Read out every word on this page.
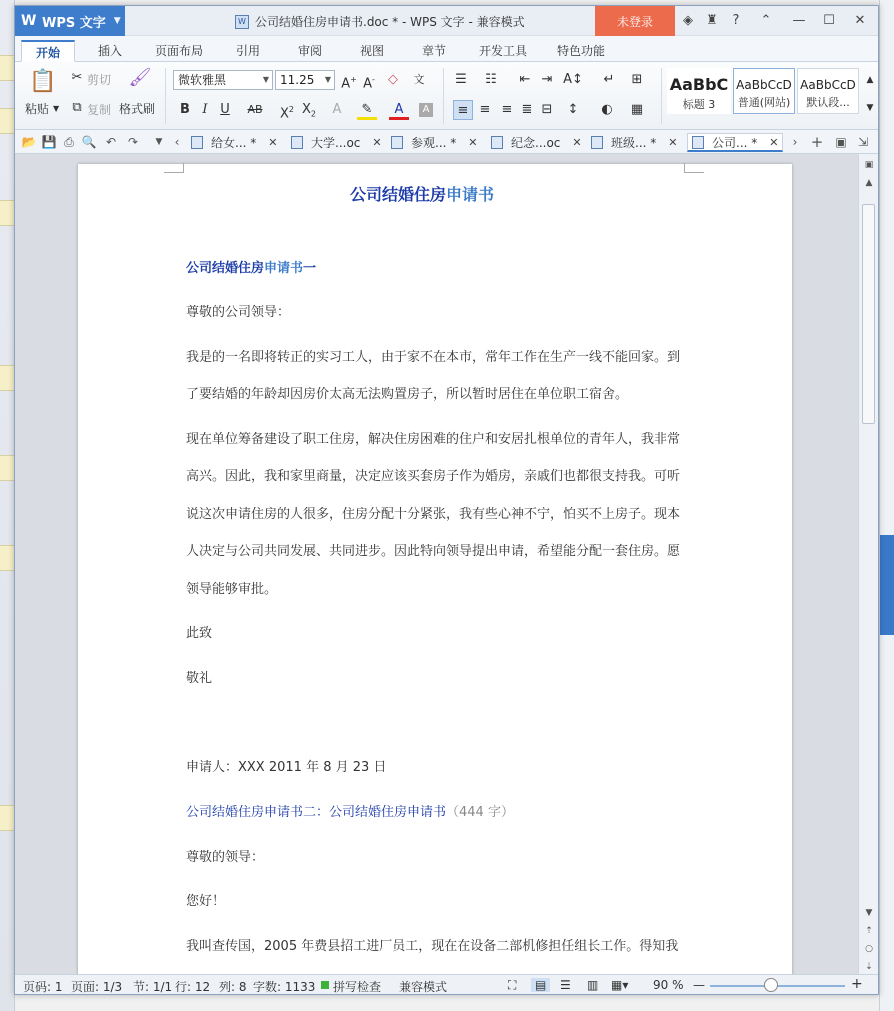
W WPS 文字 ▼	W 公司结婚住房申请书.doc * - WPS 文字 - 兼容模式	未登录	◈	♜	?	⌃ — ☐ ✕
开始	插入	页面布局	引用	审阅	视图	章节	开发工具	特色功能
📋
粘贴 ▼
✂ 剪切
⧉ 复制
🖌
格式刷
微软雅黑	▼ 11.25 ▼ A+ A-	◇	文
B I U	AB $X^2$ $X_2$	A	✎	A	A
☰	☷	⇤ ⇥ A↕	↵	⊞
≡ ≡ ≡ ≣ ⊟	↕	◐	▦
AaBbC
标题 3
AaBbCcD
普通(网站)
AaBbCcD
默认段...
▲
▼
📂 💾 ⎙ 🔍 ↶ ↷	▼	‹	给女... * ✕	大学...oc ✕ 参观... * ✕	纪念...oc ✕ 班级... * ✕	公司... * ✕	› + ▣ ⇲
公司结婚住房申请书
公司结婚住房申请书一
尊敬的公司领导：
我是的一名即将转正的实习工人，由于家不在本市，常年工作在生产一线不能回家。到
了要结婚的年龄却因房价太高无法购置房子，所以暂时居住在单位职工宿舍。
现在单位筹备建设了职工住房，解决住房困难的住户和安居扎根单位的青年人，我非常
高兴。因此，我和家里商量，决定应该买套房子作为婚房，亲戚们也都很支持我。可听
说这次申请住房的人很多，住房分配十分紧张，我有些心神不宁，怕买不上房子。现本
人决定与公司共同发展、共同进步。因此特向领导提出申请，希望能分配一套住房。愿
领导能够审批。
此致
敬礼
申请人：XXX 2011 年 8 月 23 日
公司结婚住房申请书二：公司结婚住房申请书（444 字）
尊敬的领导：
您好！
我叫查传国，2005 年费县招工进厂员工，现在在设备二部机修担任组长工作。得知我
▣
▲
▼
⇡
○
⇣
页码: 1 页面: 1/3 节: 1/1 行: 12 列: 8 字数: 1133 拼写检查 兼容模式	⛶	▤	☰ ▥ ▦▾ 90 % —	+
